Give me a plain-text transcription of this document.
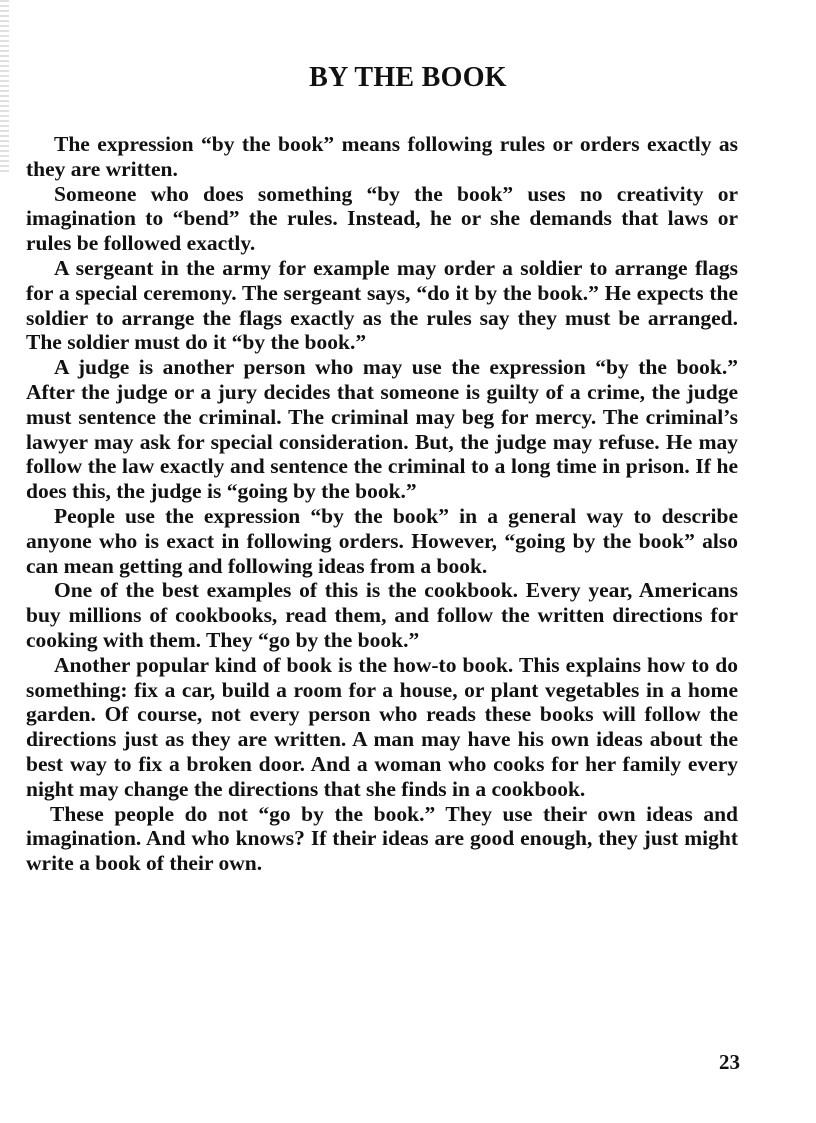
BY THE BOOK

The expression “by the book” means following rules or orders exactly as they are written.

Someone who does something “by the book” uses no creativity or imagination to “bend” the rules. Instead, he or she demands that laws or rules be followed exactly.

A sergeant in the army for example may order a soldier to arrange flags for a special ceremony. The sergeant says, “do it by the book.” He expects the soldier to arrange the flags exactly as the rules say they must be arranged. The soldier must do it “by the book.”

A judge is another person who may use the expression “by the book.” After the judge or a jury decides that someone is guilty of a crime, the judge must sentence the criminal. The criminal may beg for mercy. The criminal’s lawyer may ask for special consideration. But, the judge may refuse. He may follow the law exactly and sentence the criminal to a long time in prison. If he does this, the judge is “going by the book.”

People use the expression “by the book” in a general way to describe anyone who is exact in following orders. However, “going by the book” also can mean getting and following ideas from a book.

One of the best examples of this is the cookbook. Every year, Americans buy millions of cookbooks, read them, and follow the written directions for cooking with them. They “go by the book.”

Another popular kind of book is the how-to book. This explains how to do something: fix a car, build a room for a house, or plant vegetables in a home garden. Of course, not every person who reads these books will follow the directions just as they are written. A man may have his own ideas about the best way to fix a broken door. And a woman who cooks for her family every night may change the directions that she finds in a cookbook.

These people do not “go by the book.” They use their own ideas and imagination. And who knows? If their ideas are good enough, they just might write a book of their own.

23
